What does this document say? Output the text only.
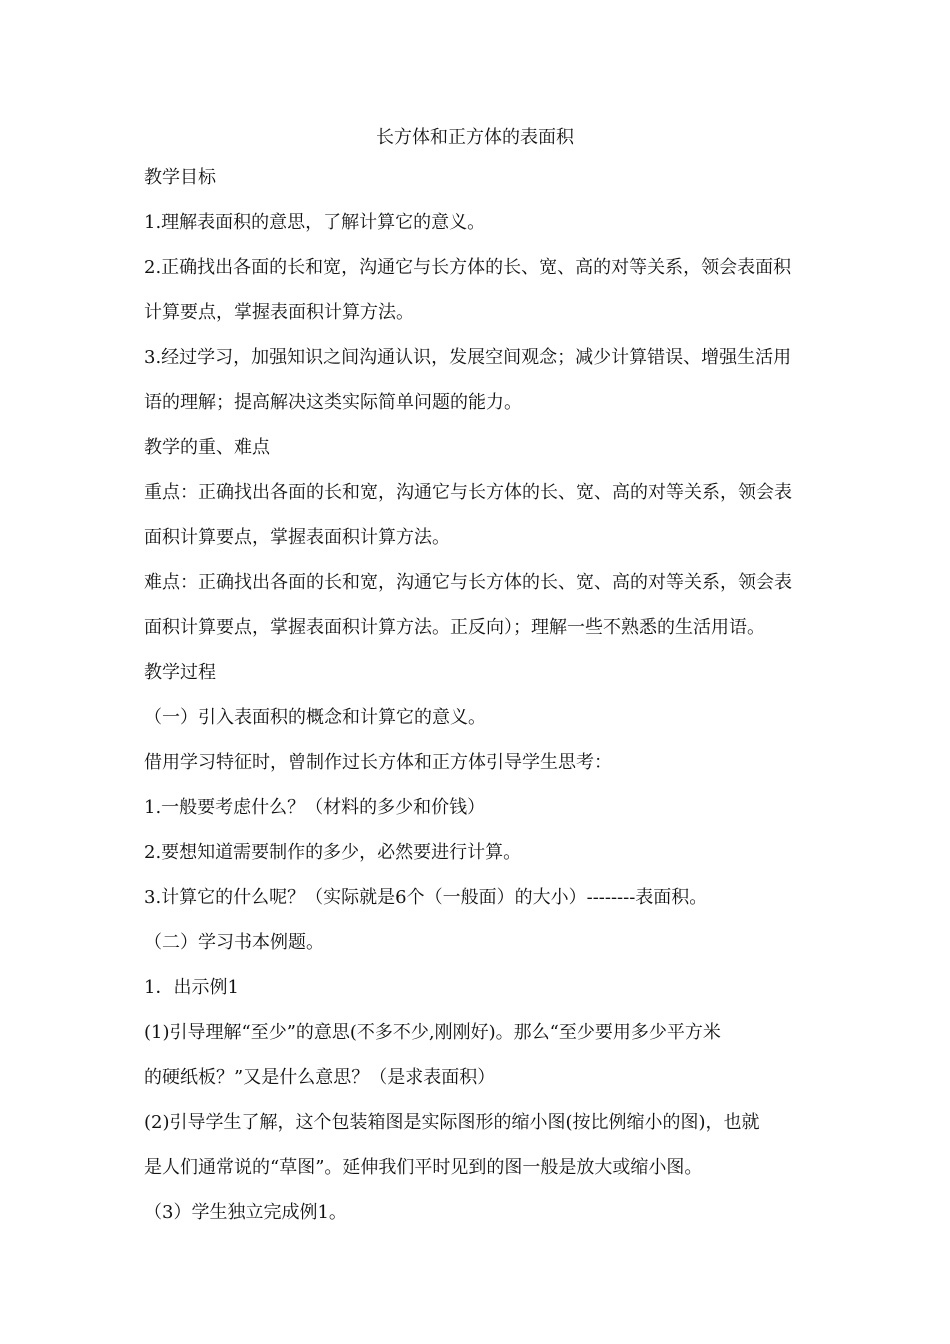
长方体和正方体的表面积
教学目标
1.理解表面积的意思，了解计算它的意义。
2.正确找出各面的长和宽，沟通它与长方体的长、宽、高的对等关系，领会表面积
计算要点，掌握表面积计算方法。
3.经过学习，加强知识之间沟通认识，发展空间观念；减少计算错误、增强生活用
语的理解；提高解决这类实际简单问题的能力。
教学的重、难点
重点：正确找出各面的长和宽，沟通它与长方体的长、宽、高的对等关系，领会表
面积计算要点，掌握表面积计算方法。
难点：正确找出各面的长和宽，沟通它与长方体的长、宽、高的对等关系，领会表
面积计算要点，掌握表面积计算方法。正反向）；理解一些不熟悉的生活用语。
教学过程
（一）引入表面积的概念和计算它的意义。
借用学习特征时，曾制作过长方体和正方体引导学生思考：
1.一般要考虑什么？（材料的多少和价钱）
2.要想知道需要制作的多少，必然要进行计算。
3.计算它的什么呢？（实际就是6个（一般面）的大小）--------表面积。
（二）学习书本例题。
1．出示例1
(1)引导理解“至少”的意思(不多不少,刚刚好)。那么“至少要用多少平方米
的硬纸板？”又是什么意思？（是求表面积）
(2)引导学生了解，这个包装箱图是实际图形的缩小图(按比例缩小的图)，也就
是人们通常说的“草图”。延伸我们平时见到的图一般是放大或缩小图。
（3）学生独立完成例1。
